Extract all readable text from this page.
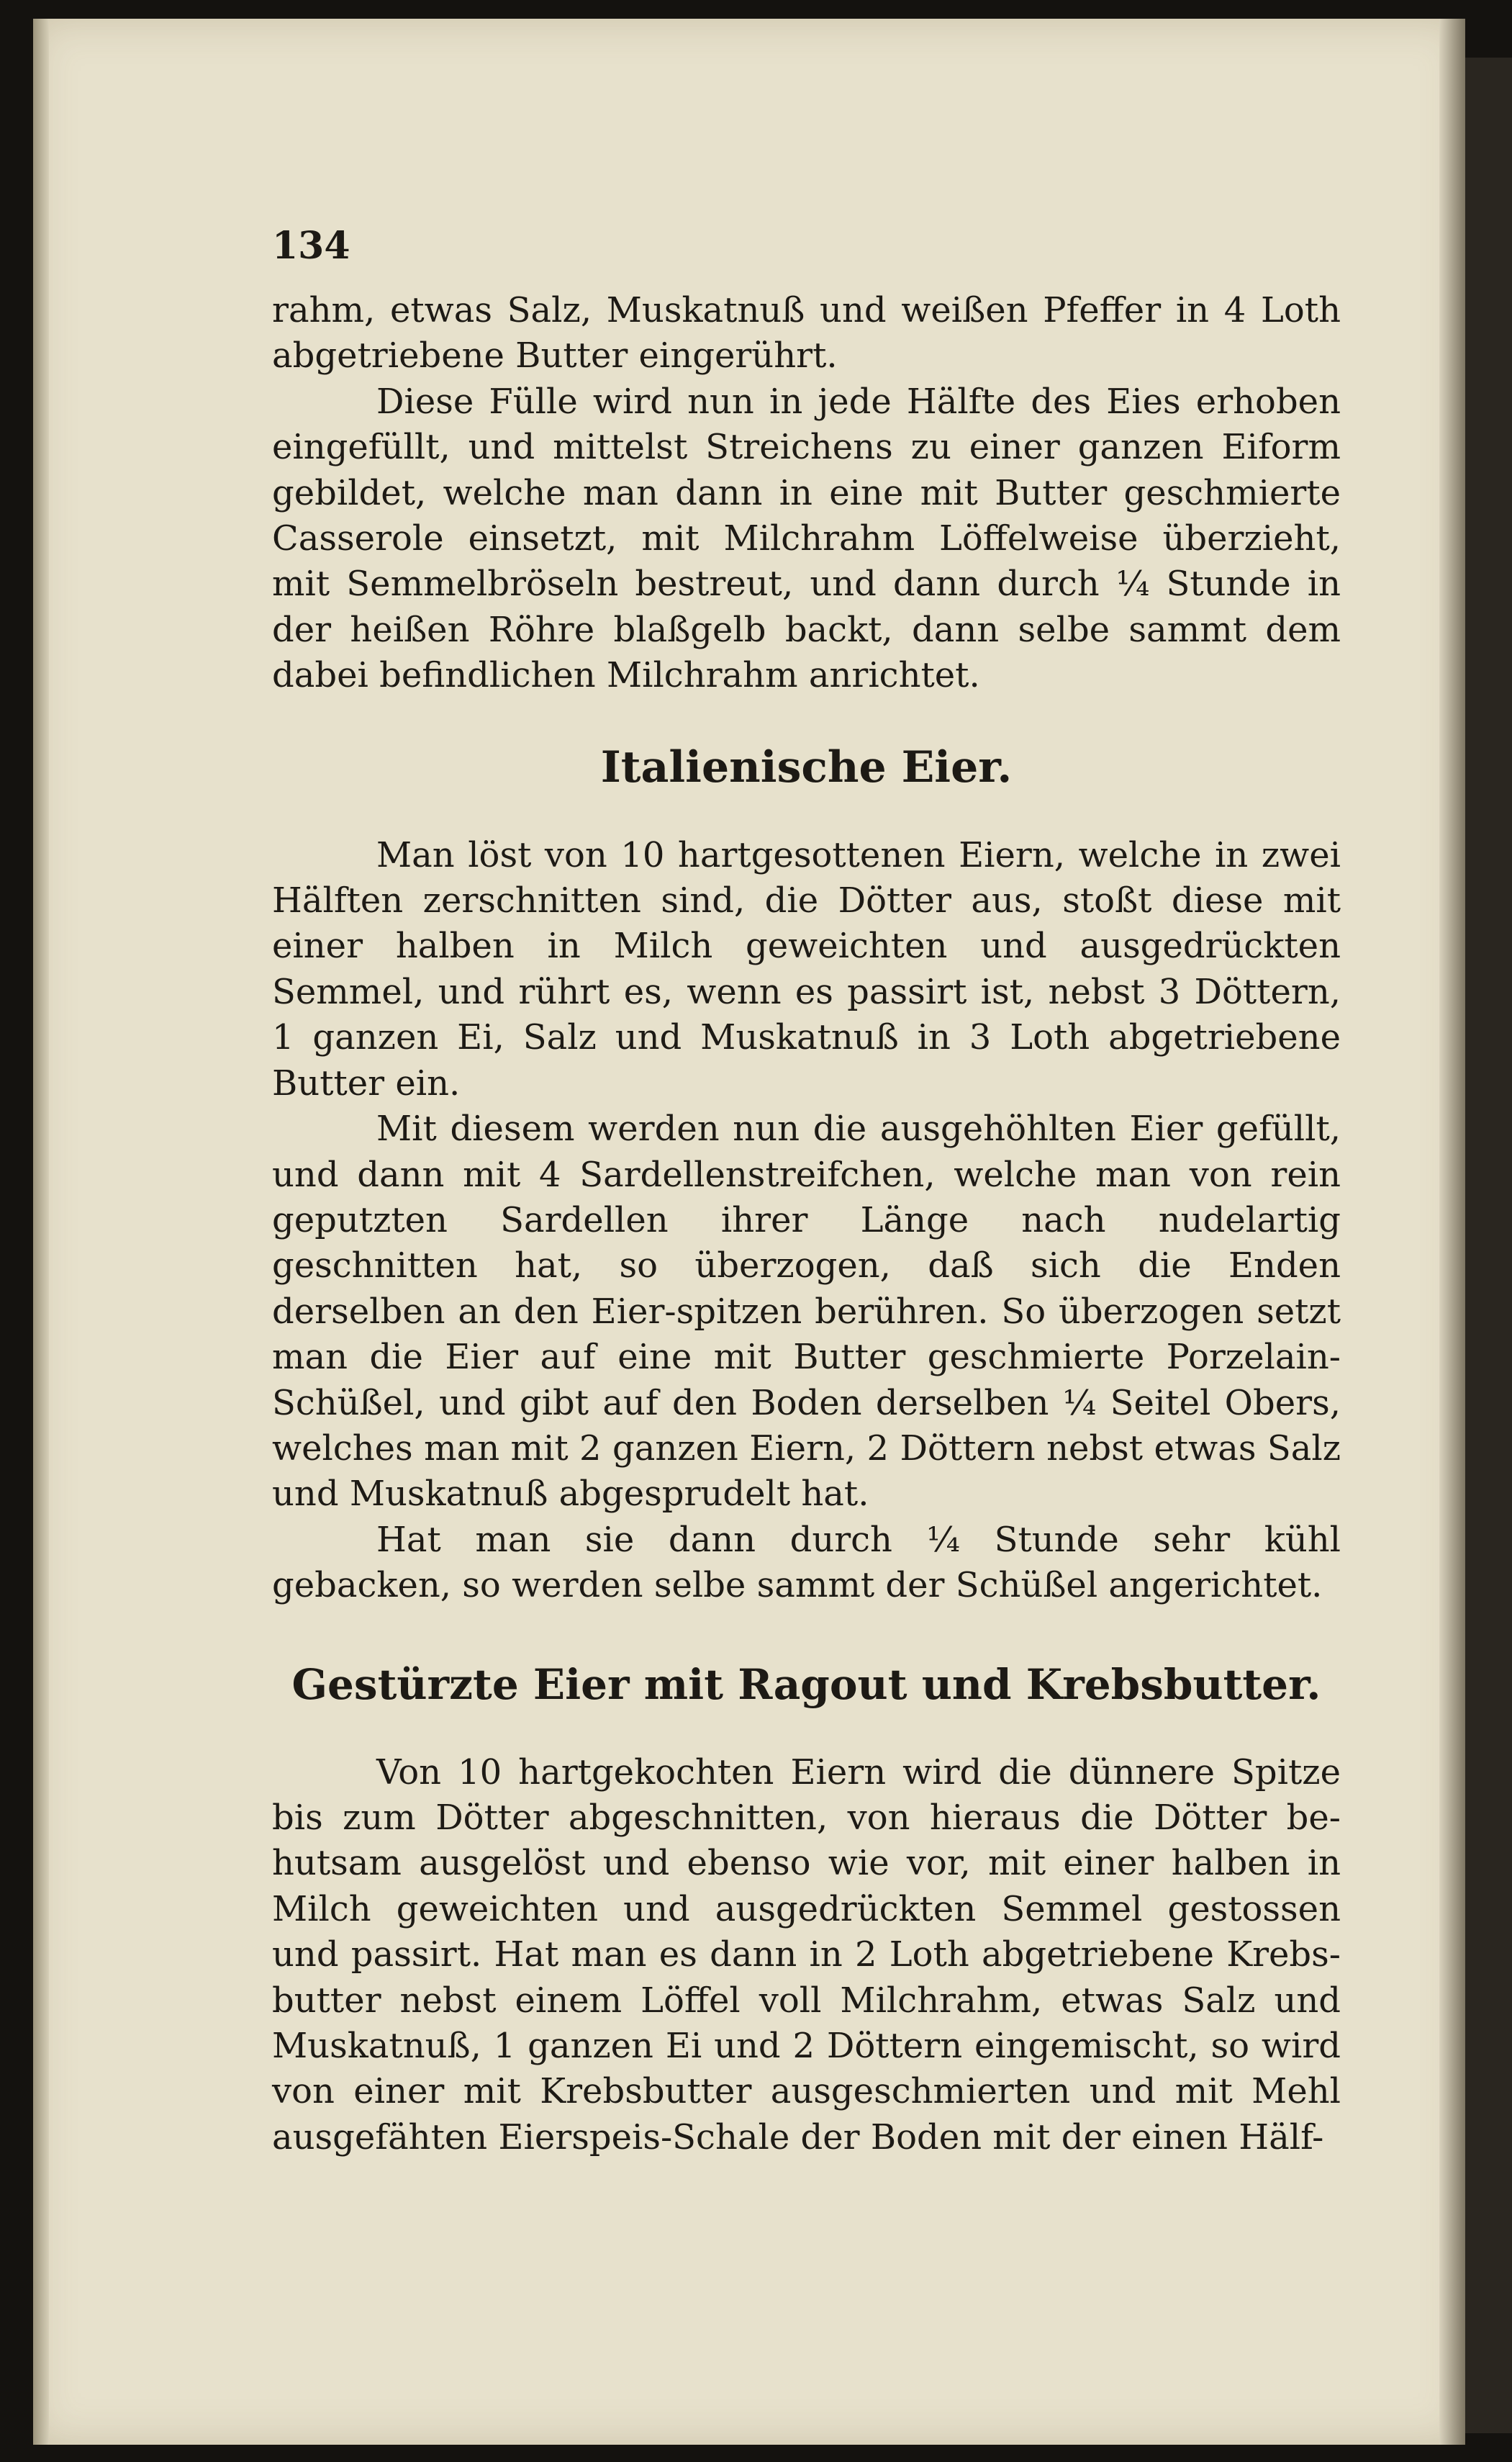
134

rahm, etwas Salz, Muskatnuß und weißen Pfeffer in 4 Loth abgetriebene Butter eingerührt.

Diese Fülle wird nun in jede Hälfte des Eies erhoben eingefüllt, und mittelst Streichens zu einer ganzen Eiform gebildet, welche man dann in eine mit Butter geschmierte Casserole einsetzt, mit Milchrahm Löffelweise überzieht, mit Semmelbröseln bestreut, und dann durch ¼ Stunde in der heißen Röhre blaßgelb backt, dann selbe sammt dem dabei befindlichen Milchrahm anrichtet.

Italienische Eier.

Man löst von 10 hartgesottenen Eiern, welche in zwei Hälften zerschnitten sind, die Dötter aus, stoßt diese mit einer halben in Milch geweichten und ausgedrückten Semmel, und rührt es, wenn es passirt ist, nebst 3 Döttern, 1 ganzen Ei, Salz und Muskatnuß in 3 Loth abgetriebene Butter ein.

Mit diesem werden nun die ausgehöhlten Eier gefüllt, und dann mit 4 Sardellenstreifchen, welche man von rein geputzten Sardellen ihrer Länge nach nudelartig geschnitten hat, so überzogen, daß sich die Enden derselben an den Eier-spitzen berühren. So überzogen setzt man die Eier auf eine mit Butter geschmierte Porzelain-Schüßel, und gibt auf den Boden derselben ¼ Seitel Obers, welches man mit 2 ganzen Eiern, 2 Döttern nebst etwas Salz und Muskatnuß abgesprudelt hat.

Hat man sie dann durch ¼ Stunde sehr kühl gebacken, so werden selbe sammt der Schüßel angerichtet.

Gestürzte Eier mit Ragout und Krebsbutter.

Von 10 hartgekochten Eiern wird die dünnere Spitze bis zum Dötter abgeschnitten, von hieraus die Dötter be-hutsam ausgelöst und ebenso wie vor, mit einer halben in Milch geweichten und ausgedrückten Semmel gestossen und passirt. Hat man es dann in 2 Loth abgetriebene Krebs-butter nebst einem Löffel voll Milchrahm, etwas Salz und Muskatnuß, 1 ganzen Ei und 2 Döttern eingemischt, so wird von einer mit Krebsbutter ausgeschmierten und mit Mehl ausgefähten Eierspeis-Schale der Boden mit der einen Hälf-
